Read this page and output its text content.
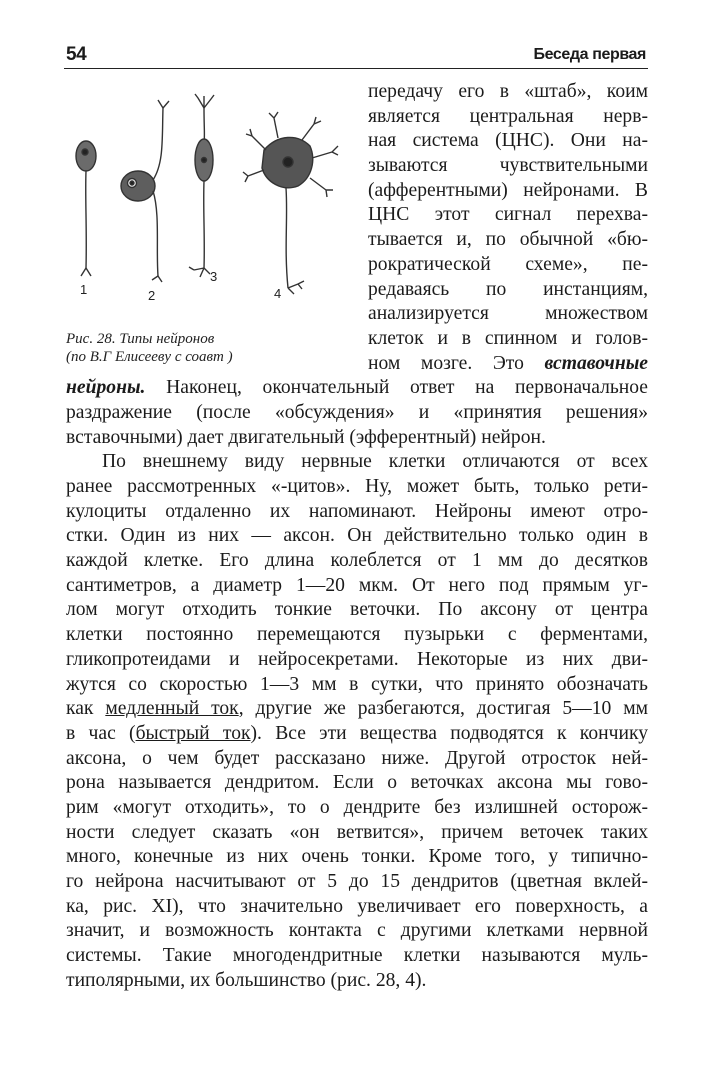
54	Беседа первая
1	2
3
4
Рис. 28. Типы нейронов
(по В.Г Елисееву с соавт )
передачу его в «штаб», коим
является центральная нерв-
ная система (ЦНС). Они на-
зываются чувствительными
(афферентными) нейронами. В
ЦНС этот сигнал перехва-
тывается и, по обычной «бю-
рократической схеме», пе-
редаваясь по инстанциям,
анализируется множеством
клеток и в спинном и голов-
ном мозге. Это вставочные
нейроны. Наконец, окончательный ответ на первоначальное
раздражение (после «обсуждения» и «принятия решения»
вставочными) дает двигательный (эфферентный) нейрон.
По внешнему виду нервные клетки отличаются от всех
ранее рассмотренных «-цитов». Ну, может быть, только рети-
кулоциты отдаленно их напоминают. Нейроны имеют отро-
стки. Один из них — аксон. Он действительно только один в
каждой клетке. Его длина колеблется от 1 мм до десятков
сантиметров, а диаметр 1—20 мкм. От него под прямым уг-
лом могут отходить тонкие веточки. По аксону от центра
клетки постоянно перемещаются пузырьки с ферментами,
гликопротеидами и нейросекретами. Некоторые из них дви-
жутся со скоростью 1—3 мм в сутки, что принято обозначать
как медленный ток, другие же разбегаются, достигая 5—10 мм
в час (быстрый ток). Все эти вещества подводятся к кончику
аксона, о чем будет рассказано ниже. Другой отросток ней-
рона называется дендритом. Если о веточках аксона мы гово-
рим «могут отходить», то о дендрите без излишней осторож-
ности следует сказать «он ветвится», причем веточек таких
много, конечные из них очень тонки. Кроме того, у типично-
го нейрона насчитывают от 5 до 15 дендритов (цветная вклей-
ка, рис. XI), что значительно увеличивает его поверхность, а
значит, и возможность контакта с другими клетками нервной
системы. Такие многодендритные клетки называются муль-
типолярными, их большинство (рис. 28, 4).
